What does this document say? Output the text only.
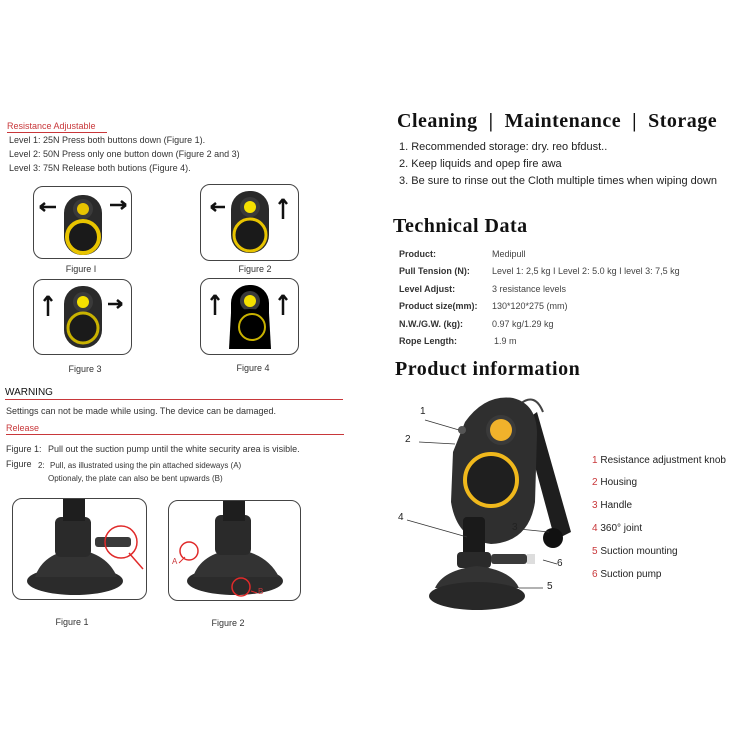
Resistance Adjustable
Level 1: 25N Press both buttons down (Figure 1).
Level 2: 50N Press only one button down (Figure 2 and 3)
Level 3: 75N Release both butions (Figure 4).
Figure I	Figure 2
Figure 3	Figure 4
WARNING
Settings can not be made while using. The device can be damaged.
Release
Figure 1: Pull out the suction pump until the white security area is visible.
Figure 2: Pull, as illustrated using the pin attached sideways (A)
Optionaly, the plate can also be bent upwards (B)
Figure 1
A
B
Figure 2
Cleaning  |  Maintenance  |  Storage
1. Recommended storage: dry. reo bfdust..
2. Keep liquids and opep fire awa
3. Be sure to rinse out the Cloth multiple times when wiping down
Technical Data
Product:	Medipull
Pull Tension (N): Level 1: 2,5 kg I Level 2: 5.0 kg I level 3: 7,5 kg
Level Adjust:	3 resistance levels
Product size(mm): 130*120*275 (mm)
N.W./G.W. (kg):	0.97 kg/1.29 kg
Rope Length:	1.9 m
Product information
1
2
3
4
5
6
1 Resistance adjustment knob
2 Housing
3 Handle
4 360° joint
5 Suction mounting
6 Suction pump
